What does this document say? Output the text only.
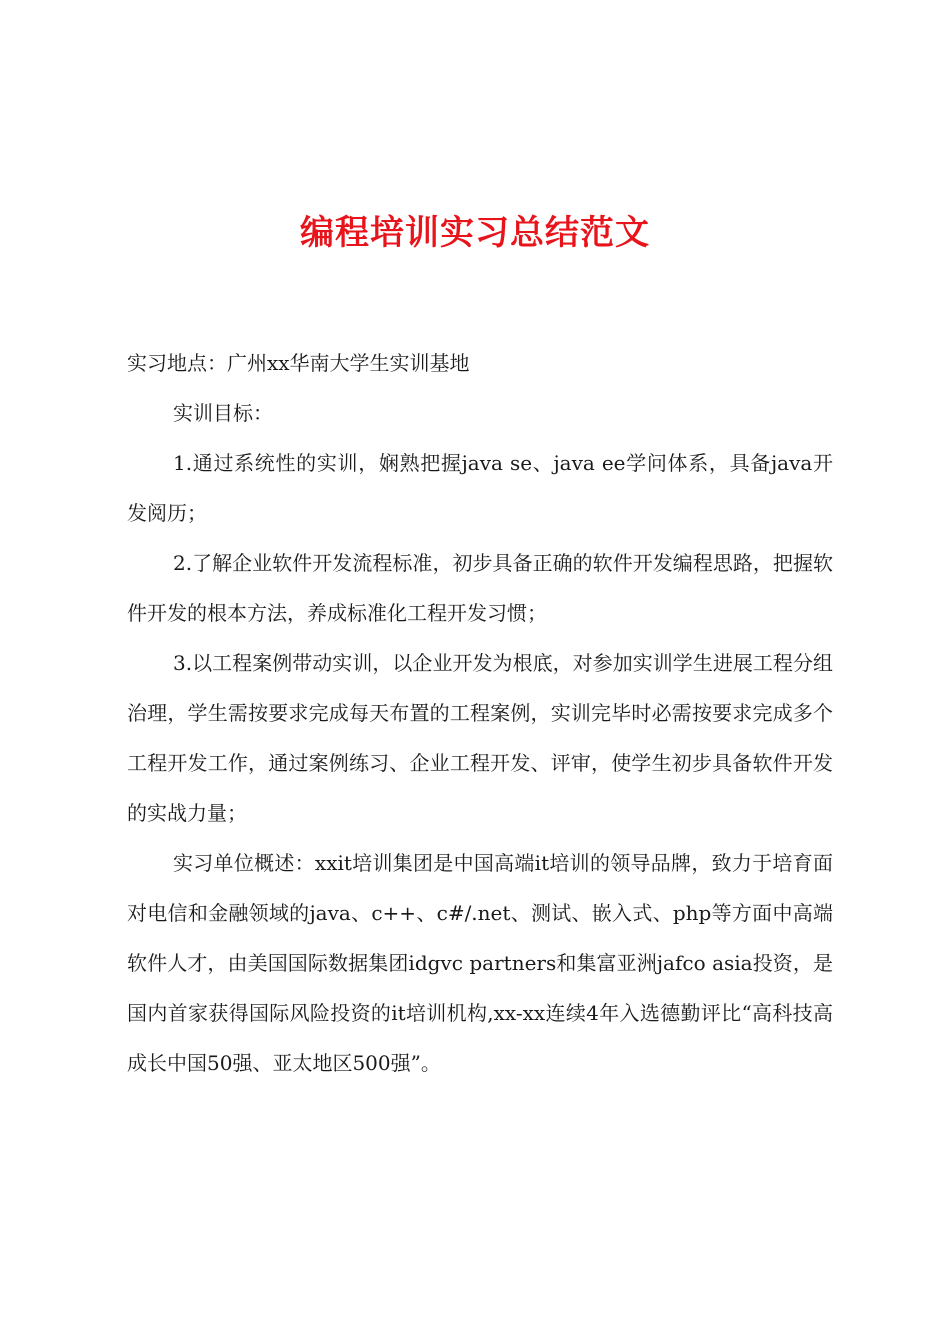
编程培训实习总结范文

实习地点：广州xx华南大学生实训基地

实训目标：

1.通过系统性的实训，娴熟把握java se、java ee学问体系，具备java开发阅历；

2.了解企业软件开发流程标准，初步具备正确的软件开发编程思路，把握软件开发的根本方法，养成标准化工程开发习惯；

3.以工程案例带动实训，以企业开发为根底，对参加实训学生进展工程分组治理，学生需按要求完成每天布置的工程案例，实训完毕时必需按要求完成多个工程开发工作，通过案例练习、企业工程开发、评审，使学生初步具备软件开发的实战力量；

实习单位概述：xxit培训集团是中国高端it培训的领导品牌，致力于培育面对电信和金融领域的java、c++、c#/.net、测试、嵌入式、php等方面中高端软件人才，由美国国际数据集团idgvc partners和集富亚洲jafco asia投资，是国内首家获得国际风险投资的it培训机构,xx-xx连续4年入选德勤评比“高科技高成长中国50强、亚太地区500强”。
